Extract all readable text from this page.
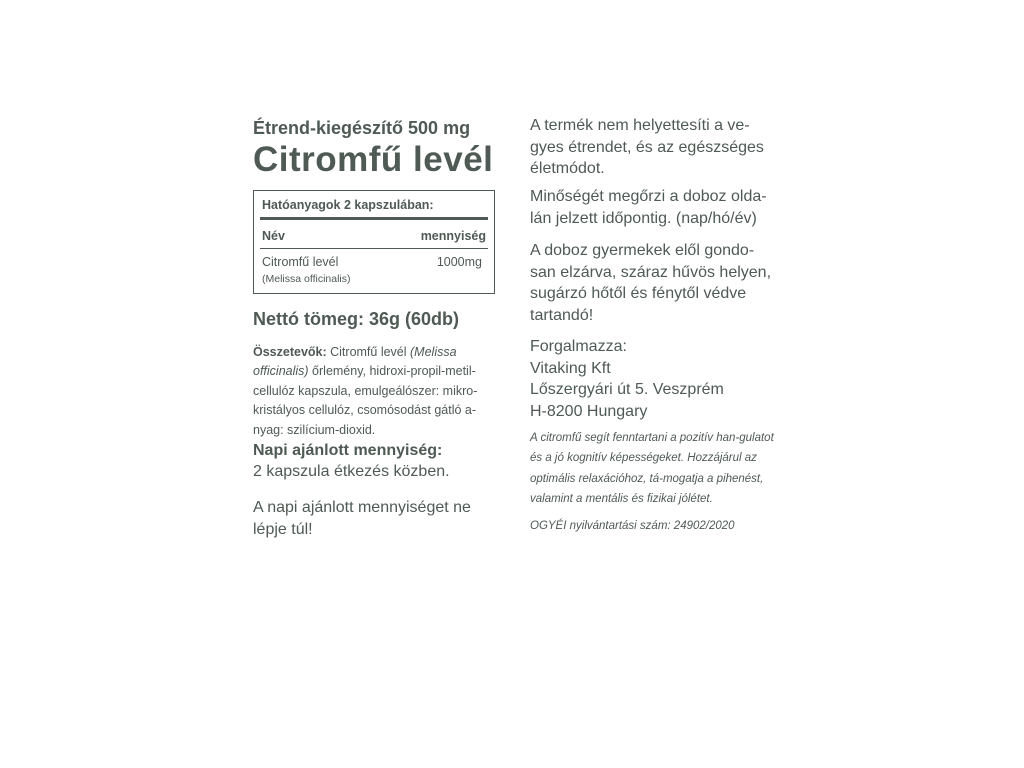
Étrend-kiegészítő 500 mg
Citromfű levél
Hatóanyagok 2 kapszulában:
Név	mennyiség
Citromfű levél	1000mg
(Melissa officinalis)
Nettó tömeg: 36g (60db)
Összetevők: Citromfű levél (Melissa officinalis) őrlemény, hidroxi-propil-metil-cellulóz kapszula, emulgeálószer: mikro-kristályos cellulóz, csomósodást gátló a-nyag: szilícium-dioxid.
Napi ajánlott mennyiség:
2 kapszula étkezés közben.
A napi ajánlott mennyiséget ne lépje túl!
A termék nem helyettesíti a ve-gyes étrendet, és az egészséges életmódot.
Minőségét megőrzi a doboz olda-lán jelzett időpontig. (nap/hó/év)
A doboz gyermekek elől gondo-san elzárva, száraz hűvös helyen, sugárzó hőtől és fénytől védve tartandó!
Forgalmazza:
Vitaking Kft
Lőszergyári út 5. Veszprém
H-8200 Hungary
A citromfű segít fenntartani a pozitív han-gulatot és a jó kognitív képességeket. Hozzájárul az optimális relaxációhoz, tá-mogatja a pihenést, valamint a mentális és fizikai jólétet.
OGYÉI nyilvántartási szám: 24902/2020
